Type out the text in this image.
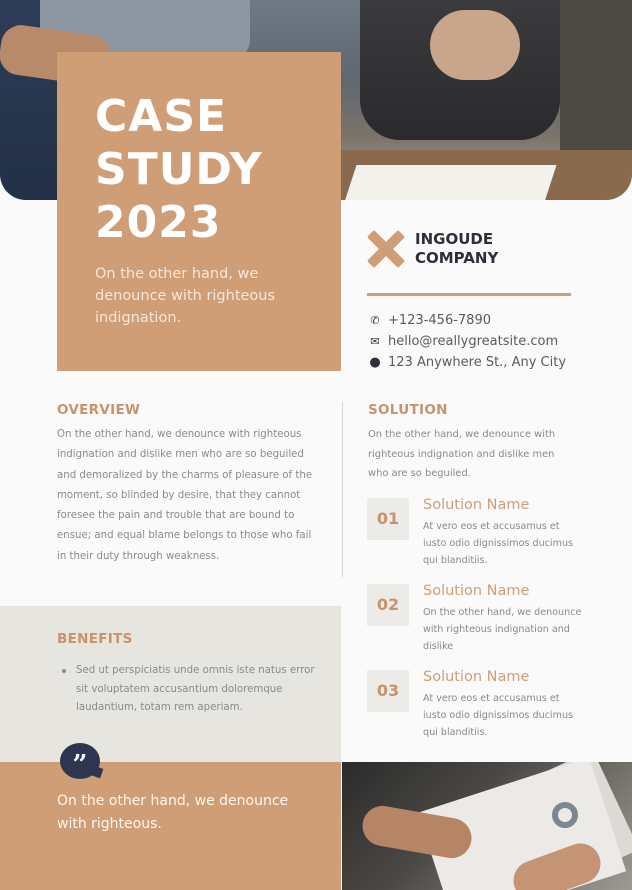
CASE
STUDY
2023
On the other hand, we denounce with righteous indignation.
INGOUDE
COMPANY
✆ +123-456-7890
✉ hello@reallygreatsite.com
● 123 Anywhere St., Any City
OVERVIEW
On the other hand, we denounce with righteous
indignation and dislike men who are so beguiled
and demoralized by the charms of pleasure of the
moment, so blinded by desire, that they cannot
foresee the pain and trouble that are bound to
ensue; and equal blame belongs to those who fail
in their duty through weakness.
SOLUTION
On the other hand, we denounce with
righteous indignation and dislike men
who are so beguiled.
01
Solution Name
At vero eos et accusamus et
iusto odio dignissimos ducimus
qui blanditiis.
02
Solution Name
On the other hand, we denounce
with righteous indignation and
dislike
03
Solution Name
At vero eos et accusamus et
iusto odio dignissimos ducimus
qui blanditiis.
BENEFITS
Sed ut perspiciatis unde omnis iste natus error
sit voluptatem accusantium doloremque
laudantium, totam rem aperiam.
”
On the other hand, we denounce
with righteous.
